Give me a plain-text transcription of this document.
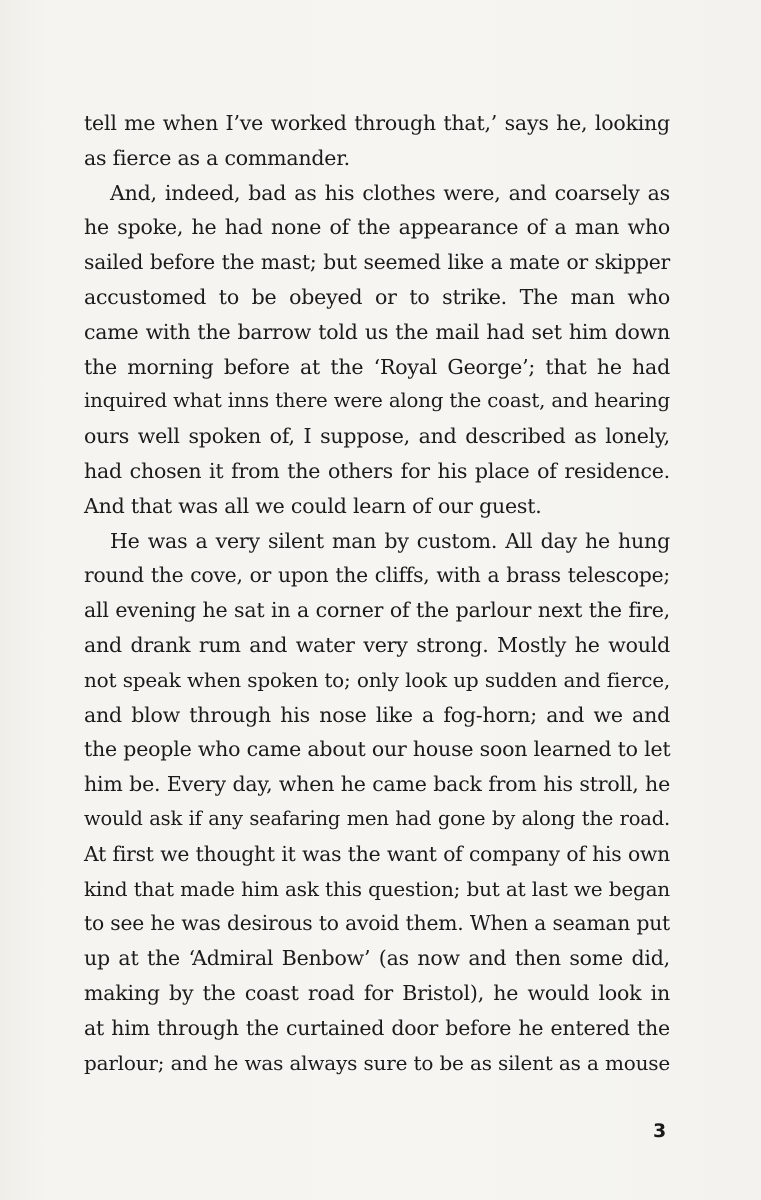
tell me when I’ve worked through that,’ says he, looking
as fierce as a commander.
And, indeed, bad as his clothes were, and coarsely as
he spoke, he had none of the appearance of a man who
sailed before the mast; but seemed like a mate or skipper
accustomed to be obeyed or to strike. The man who
came with the barrow told us the mail had set him down
the morning before at the ‘Royal George’; that he had
inquired what inns there were along the coast, and hearing
ours well spoken of, I suppose, and described as lonely,
had chosen it from the others for his place of residence.
And that was all we could learn of our guest.
He was a very silent man by custom. All day he hung
round the cove, or upon the cliffs, with a brass telescope;
all evening he sat in a corner of the parlour next the fire,
and drank rum and water very strong. Mostly he would
not speak when spoken to; only look up sudden and fierce,
and blow through his nose like a fog-horn; and we and
the people who came about our house soon learned to let
him be. Every day, when he came back from his stroll, he
would ask if any seafaring men had gone by along the road.
At first we thought it was the want of company of his own
kind that made him ask this question; but at last we began
to see he was desirous to avoid them. When a seaman put
up at the ‘Admiral Benbow’ (as now and then some did,
making by the coast road for Bristol), he would look in
at him through the curtained door before he entered the
parlour; and he was always sure to be as silent as a mouse
3
